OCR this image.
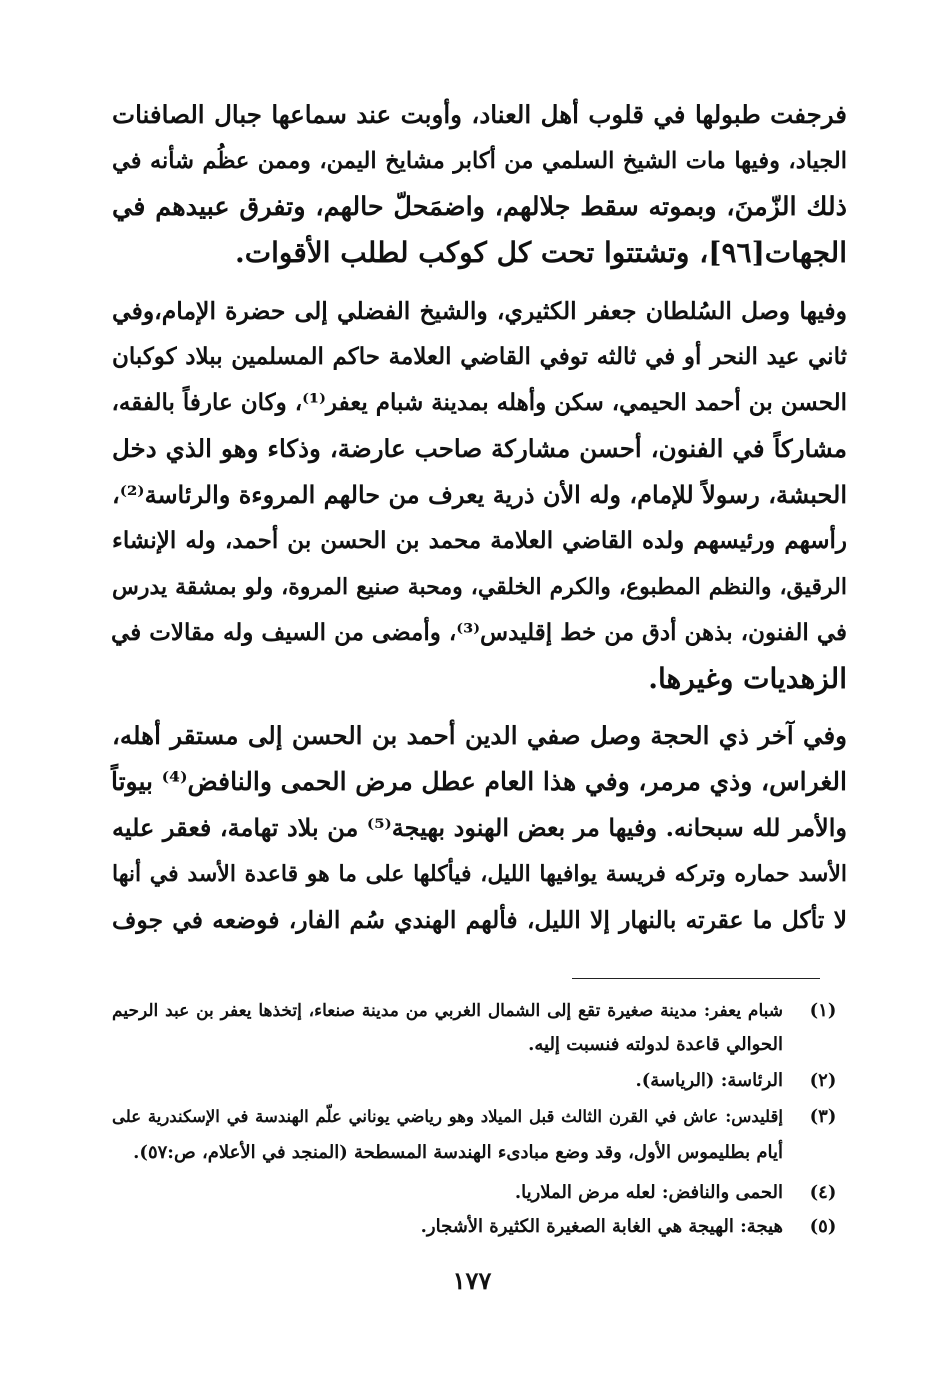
فرجفت طبولها في قلوب أهل العناد، وأوبت عند سماعها جبال الصافنات
الجياد، وفيها مات الشيخ السلمي من أكابر مشايخ اليمن، وممن عظُم شأنه في
ذلك الزّمنَ، وبموته سقط جلالهم، واضمَحلّ حالهم، وتفرق عبيدهم في
الجهات[٩٦]، وتشتتوا تحت كل كوكب لطلب الأقوات.
وفيها وصل السُلطان جعفر الكثيري، والشيخ الفضلي إلى حضرة الإمام،وفي
ثاني عيد النحر أو في ثالثه توفي القاضي العلامة حاكم المسلمين ببلاد كوكبان
الحسن بن أحمد الحيمي، سكن وأهله بمدينة شبام يعفر⁽¹⁾، وكان عارفاً بالفقه،
مشاركاً في الفنون، أحسن مشاركة صاحب عارضة، وذكاء وهو الذي دخل
الحبشة، رسولاً للإمام، وله الأن ذرية يعرف من حالهم المروءة والرئاسة⁽²⁾،
رأسهم ورئيسهم ولده القاضي العلامة محمد بن الحسن بن أحمد، وله الإنشاء
الرقيق، والنظم المطبوع، والكرم الخلقي، ومحبة صنيع المروة، ولو بمشقة يدرس
في الفنون، بذهن أدق من خط إقليدس⁽³⁾، وأمضى من السيف وله مقالات في
الزهديات وغيرها.
وفي آخر ذي الحجة وصل صفي الدين أحمد بن الحسن إلى مستقر أهله،
الغراس، وذي مرمر، وفي هذا العام عطل مرض الحمى والنافض⁽⁴⁾ بيوتاً
والأمر لله سبحانه. وفيها مر بعض الهنود بهيجة⁽⁵⁾ من بلاد تهامة، فعقر عليه
الأسد حماره وتركه فريسة يوافيها الليل، فيأكلها على ما هو قاعدة الأسد في أنها
لا تأكل ما عقرته بالنهار إلا الليل، فألهم الهندي سُم الفار، فوضعه في جوف
(١)
شبام يعفر: مدينة صغيرة تقع إلى الشمال الغربي من مدينة صنعاء، إتخذها يعفر بن عبد الرحيم
الحوالي قاعدة لدولته فنسبت إليه.
(٢)
الرئاسة: (الرياسة).
(٣)
إقليدس: عاش في القرن الثالث قبل الميلاد وهو رياضي يوناني علّم الهندسة في الإسكندرية على
أيام بطليموس الأول، وقد وضع مبادىء الهندسة المسطحة (المنجد في الأعلام، ص:٥٧).
(٤)
الحمى والنافض: لعله مرض الملاريا.
(٥)
هيجة: الهيجة هي الغابة الصغيرة الكثيرة الأشجار.
١٧٧
